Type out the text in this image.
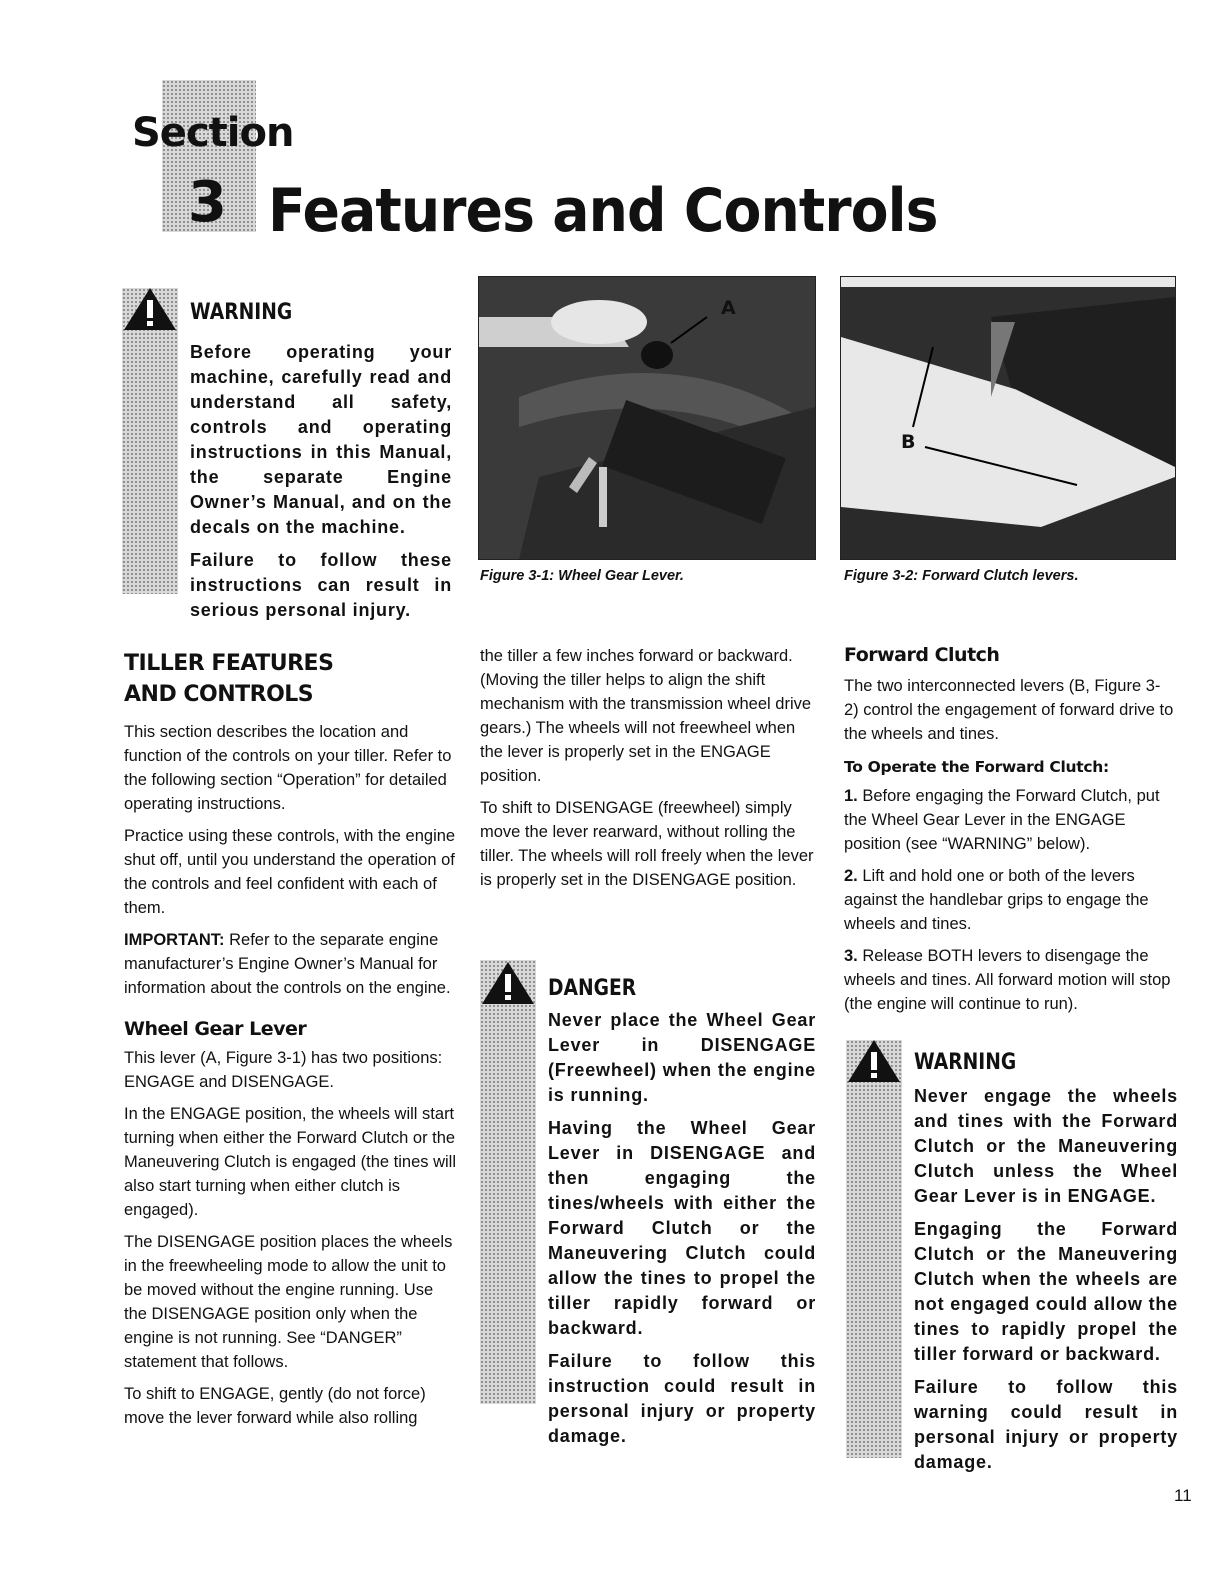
Section
3 Features and Controls
WARNING

Before operating your machine, carefully read and understand all safety, controls and operating instructions in this Manual, the separate Engine Owner’s Manual, and on the decals on the machine.

Failure to follow these instructions can result in serious personal injury.

A
Figure 3-1: Wheel Gear Lever.
B
Figure 3-2: Forward Clutch levers.
TILLER FEATURES
AND CONTROLS

This section describes the location and function of the controls on your tiller. Refer to the following section “Operation” for detailed operating instructions.

Practice using these controls, with the engine shut off, until you understand the operation of the controls and feel confident with each of them.

IMPORTANT: Refer to the separate engine manufacturer’s Engine Owner’s Manual for information about the controls on the engine.

Wheel Gear Lever

This lever (A, Figure 3-1) has two positions: ENGAGE and DISENGAGE.

In the ENGAGE position, the wheels will start turning when either the Forward Clutch or the Maneuvering Clutch is engaged (the tines will also start turning when either clutch is engaged).

The DISENGAGE position places the wheels in the freewheeling mode to allow the unit to be moved without the engine running. Use the DISENGAGE position only when the engine is not running. See “DANGER” statement that follows.

To shift to ENGAGE, gently (do not force) move the lever forward while also rolling

the tiller a few inches forward or backward. (Moving the tiller helps to align the shift mechanism with the transmission wheel drive gears.) The wheels will not freewheel when the lever is properly set in the ENGAGE position.

To shift to DISENGAGE (freewheel) simply move the lever rearward, without rolling the tiller. The wheels will roll freely when the lever is properly set in the DISENGAGE position.

DANGER

Never place the Wheel Gear Lever in DISENGAGE (Freewheel) when the engine is running.

Having the Wheel Gear Lever in DISENGAGE and then engaging the tines/wheels with either the Forward Clutch or the Maneuvering Clutch could allow the tines to propel the tiller rapidly forward or backward.

Failure to follow this instruction could result in personal injury or property damage.

Forward Clutch

The two interconnected levers (B, Figure 3-2) control the engagement of forward drive to the wheels and tines.

To Operate the Forward Clutch:

1. Before engaging the Forward Clutch, put the Wheel Gear Lever in the ENGAGE position (see “WARNING” below).

2. Lift and hold one or both of the levers against the handlebar grips to engage the wheels and tines.

3. Release BOTH levers to disengage the wheels and tines. All forward motion will stop (the engine will continue to run).

WARNING

Never engage the wheels and tines with the Forward Clutch or the Maneuvering Clutch unless the Wheel Gear Lever is in ENGAGE.

Engaging the Forward Clutch or the Maneuvering Clutch when the wheels are not engaged could allow the tines to rapidly propel the tiller forward or backward.

Failure to follow this warning could result in personal injury or property damage.

11
